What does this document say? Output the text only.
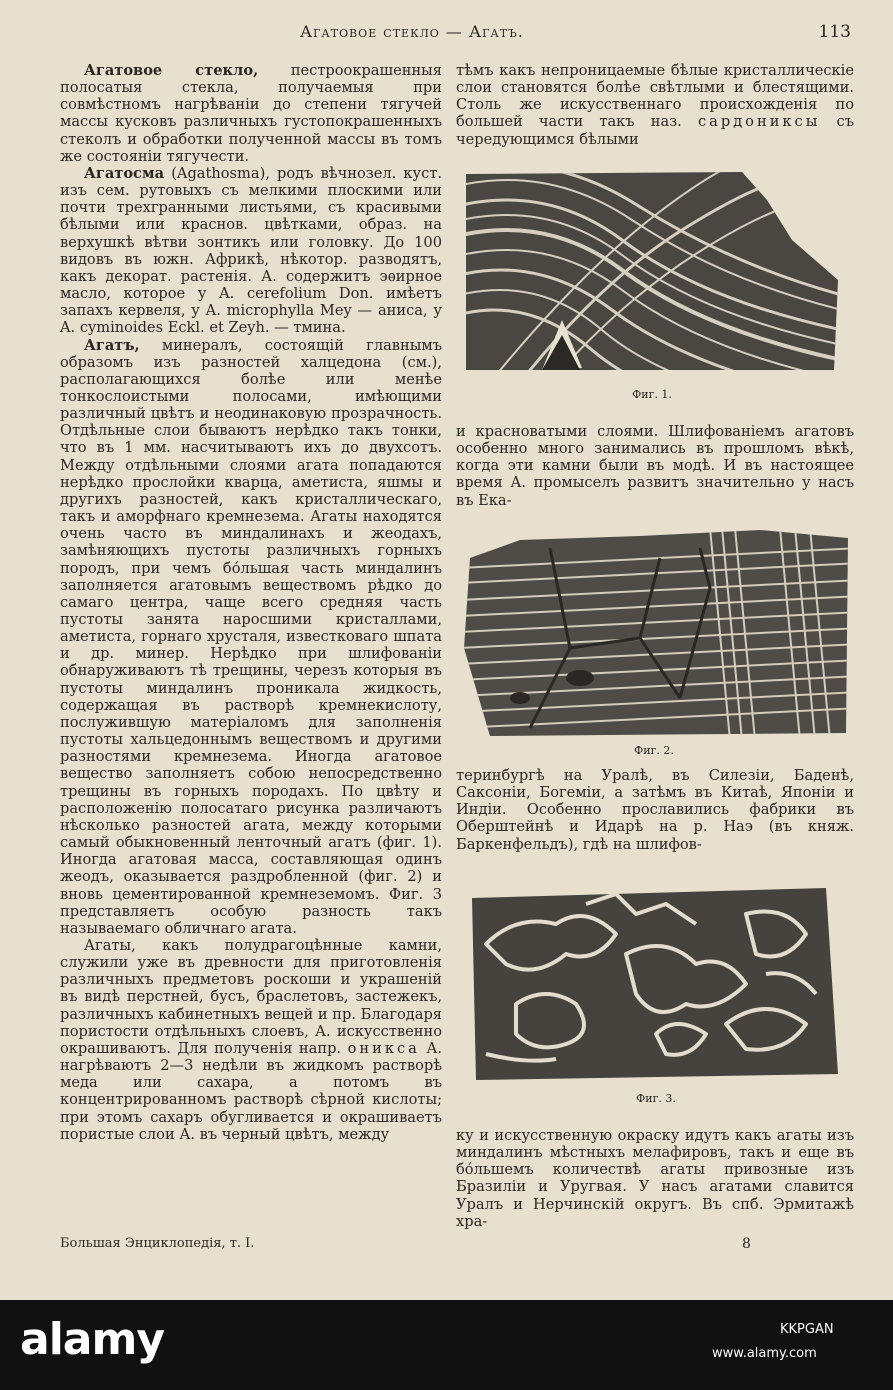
Агатовое стекло — Агатъ.	113

Агатовое стекло, пестроокрашенныя полосатыя стекла, получаемыя при совмѣстномъ нагрѣваніи до степени тягучей массы кусковъ различныхъ густопокрашенныхъ стеколъ и обработки полученной массы въ томъ же состояніи тягучести.

Агатосма (Agathosma), родъ вѣчнозел. куст. изъ сем. рутовыхъ съ мелкими плоскими или почти трехгранными листьями, съ красивыми бѣлыми или краснов. цвѣтками, образ. на верхушкѣ вѣтви зонтикъ или головку. До 100 видовъ въ южн. Африкѣ, нѣкотор. разводятъ, какъ декорат. растенія. А. содержитъ эѳирное масло, которое у A. cerefolium Don. имѣетъ запахъ кервеля, у A. microphylla Mey — аниса, у A. cyminoides Eckl. et Zeyh. — тмина.

Агатъ, минералъ, состоящій главнымъ образомъ изъ разностей халцедона (см.), располагающихся болѣе или менѣе тонкослоистыми полосами, имѣющими различный цвѣтъ и неодинаковую прозрачность. Отдѣльные слои бываютъ нерѣдко такъ тонки, что въ 1 мм. насчитываютъ ихъ до двухсотъ. Между отдѣльными слоями агата попадаются нерѣдко прослойки кварца, аметиста, яшмы и другихъ разностей, какъ кристаллическаго, такъ и аморфнаго кремнезема. Агаты находятся очень часто въ миндалинахъ и жеодахъ, замѣняющихъ пустоты различныхъ горныхъ породъ, при чемъ бо́льшая часть миндалинъ заполняется агатовымъ веществомъ рѣдко до самаго центра, чаще всего средняя часть пустоты занята наросшими кристаллами, аметиста, горнаго хрусталя, известковаго шпата и др. минер. Нерѣдко при шлифованіи обнаруживаютъ тѣ трещины, черезъ которыя въ пустоты миндалинъ проникала жидкость, содержащая въ растворѣ кремнекислоту, послужившую матеріаломъ для заполненія пустоты хальцедоннымъ веществомъ и другими разностями кремнезема. Иногда агатовое вещество заполняетъ собою непосредственно трещины въ горныхъ породахъ. По цвѣту и расположенію полосатаго рисунка различаютъ нѣсколько разностей агата, между которыми самый обыкновенный ленточный агатъ (фиг. 1). Иногда агатовая масса, составляющая одинъ жеодъ, оказывается раздробленной (фиг. 2) и вновь цементированной кремнеземомъ. Фиг. 3 представляетъ особую разность такъ называемаго обличнаго агата.

Агаты, какъ полудрагоцѣнные камни, служили уже въ древности для приготовленія различныхъ предметовъ роскоши и украшеній въ видѣ перстней, бусъ, браслетовъ, застежекъ, различныхъ кабинетныхъ вещей и пр. Благодаря пористости отдѣльныхъ слоевъ, А. искусственно окрашиваютъ. Для полученія напр. оникса А. нагрѣваютъ 2—3 недѣли въ жидкомъ растворѣ меда или сахара, а потомъ въ концентрированномъ растворѣ сѣрной кислоты; при этомъ сахаръ обугливается и окрашиваетъ пористые слои А. въ черный цвѣтъ, между

тѣмъ какъ непроницаемые бѣлые кристаллическіе слои становятся болѣе свѣтлыми и блестящими. Столь же искусственнаго происхожденія по большей части такъ наз. сардониксы съ чередующимся бѣлыми

Фиг. 1.

и красноватыми слоями. Шлифованіемъ агатовъ особенно много занимались въ прошломъ вѣкѣ, когда эти камни были въ модѣ. И въ настоящее время А. промыселъ развитъ значительно у насъ въ Ека-

Фиг. 2.

теринбургѣ на Уралѣ, въ Силезіи, Баденѣ, Саксоніи, Богеміи, а затѣмъ въ Китаѣ, Японіи и Индіи. Особенно прославились фабрики въ Оберштейнѣ и Идарѣ на р. Наэ (въ княж. Баркенфельдъ), гдѣ на шлифов-

Фиг. 3.

ку и искусственную окраску идутъ какъ агаты изъ миндалинъ мѣстныхъ мелафировъ, такъ и еще въ бо́льшемъ количествѣ агаты привозные изъ Бразиліи и Уругвая. У насъ агатами славится Уралъ и Нерчинскій округъ. Въ спб. Эрмитажѣ хра-

Большая Энциклопедія, т. I.	8
alamy	KKPGAN
www.alamy.com
